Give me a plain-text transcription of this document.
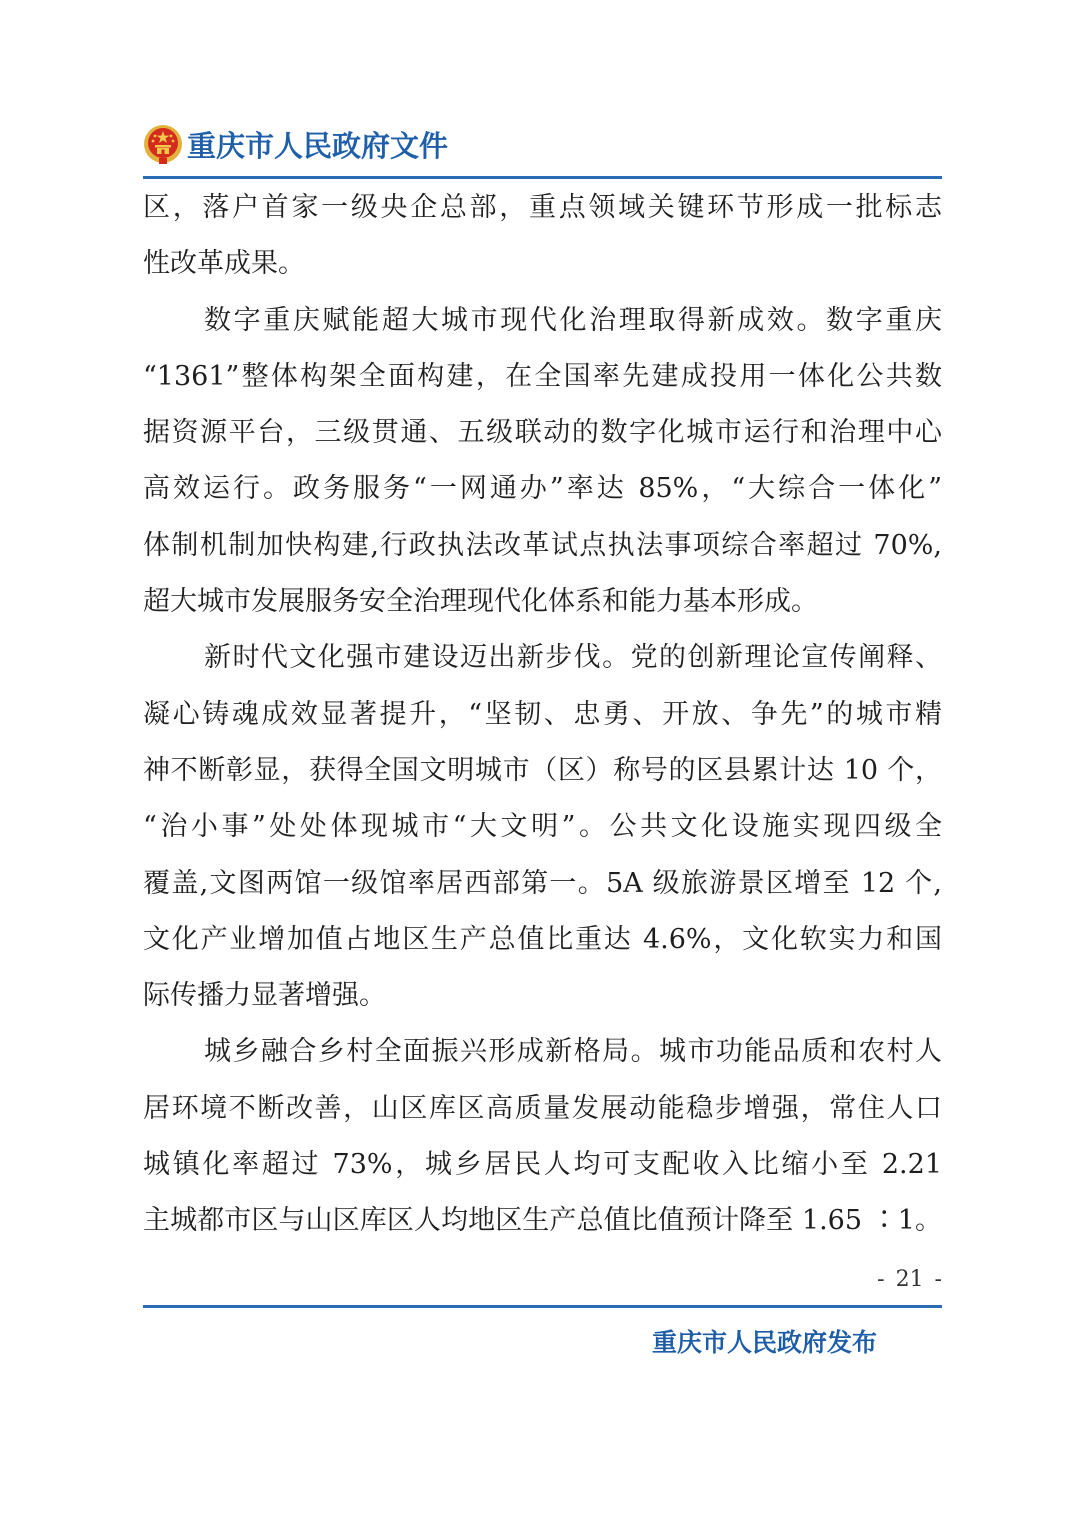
重庆市人民政府文件
区，落户首家一级央企总部，重点领域关键环节形成一批标志
性改革成果。
数字重庆赋能超大城市现代化治理取得新成效。数字重庆
“1361”整体构架全面构建，在全国率先建成投用一体化公共数
据资源平台，三级贯通、五级联动的数字化城市运行和治理中心
高效运行。政务服务“一网通办”率达 85%，“大综合一体化”
体制机制加快构建,行政执法改革试点执法事项综合率超过 70%,
超大城市发展服务安全治理现代化体系和能力基本形成。
新时代文化强市建设迈出新步伐。党的创新理论宣传阐释、
凝心铸魂成效显著提升，“坚韧、忠勇、开放、争先”的城市精
神不断彰显，获得全国文明城市（区）称号的区县累计达 10 个，
“治小事”处处体现城市“大文明”。公共文化设施实现四级全
覆盖,文图两馆一级馆率居西部第一。5A 级旅游景区增至 12 个,
文化产业增加值占地区生产总值比重达 4.6%，文化软实力和国
际传播力显著增强。
城乡融合乡村全面振兴形成新格局。城市功能品质和农村人
居环境不断改善，山区库区高质量发展动能稳步增强，常住人口
城镇化率超过 73%，城乡居民人均可支配收入比缩小至 2.21
主城都市区与山区库区人均地区生产总值比值预计降至 1.65 ∶1。
- 21 -
重庆市人民政府发布
